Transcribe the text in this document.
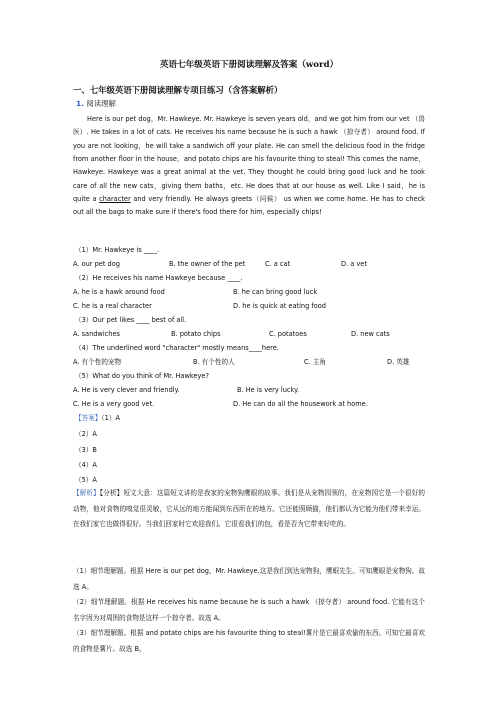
英语七年级英语下册阅读理解及答案（word）
一、七年级英语下册阅读理解专项目练习（含答案解析）
1. 阅读理解
Here is our pet dog，Mr. Hawkeye. Mr. Hawkeye is seven years old，and we got him from our vet （兽医）. He takes in a lot of cats. He receives his name because he is such a hawk （掠夺者） around food. If you are not looking，he will take a sandwich off your plate. He can smell the delicious food in the fridge from another floor in the house，and potato chips are his favourite thing to steal! This comes the name，Hawkeye. Hawkeye was a great animal at the vet. They thought he could bring good luck and he took care of all the new cats，giving them baths，etc. He does that at our house as well. Like I said，he is quite a character and very friendly. He always greets（问候） us when we come home. He has to check out all the bags to make sure if there's food there for him, especially chips!
（1）Mr. Hawkeye is ____.
A. our pet dog	B. the owner of the pet	C. a cat	D. a vet
（2）He receives his name Hawkeye because ____.
A. he is a hawk around food	B. he can bring good luck
C. he is a real character	D. he is quick at eating food
（3）Our pet likes ____ best of all.
A. sandwiches	B. potato chips	C. potatoes	D. new cats
（4）The underlined word "character" mostly means____here.
A. 有个性的宠物	B. 有个性的人	C. 主角	D. 英雄
（5）What do you think of Mr. Hawkeye?
A. He is very clever and friendly.	B. He is very lucky.
C. He is a very good vet.	D. He can do all the housework at home.
【答案】（1）A
（2）A
（3）B
（4）A
（5）A
【解析】【分析】短文大意：这篇短文讲的是我家的宠物狗鹰眼的故事。我们是从宠物园领的，在宠物园它是一个很好的动物，他对食物的嗅觉很灵敏，它从远的地方能闻到东西所在的地方。它还能照顾猫，他们都认为它能为他们带来幸运。在我们家它也做得很好。当我们回家时它欢迎我们。它很看我们的包，看是否为它带来好吃的。
（1）细节理解题。根据 Here is our pet dog，Mr. Hawkeye.这是我们到达宠物狗，鹰眼先生。可知鹰眼是宠物狗。故选 A。
（2）细节理解题。根据 He receives his name because he is such a hawk （掠夺者） around food. 它能有这个名字因为对周围的食物是这样一个掠夺者。故选 A。
（3）细节理解题。根据 and potato chips are his favourite thing to steal!薯片是它最喜欢偷的东西。可知它最喜欢的食物是薯片。故选 B。
